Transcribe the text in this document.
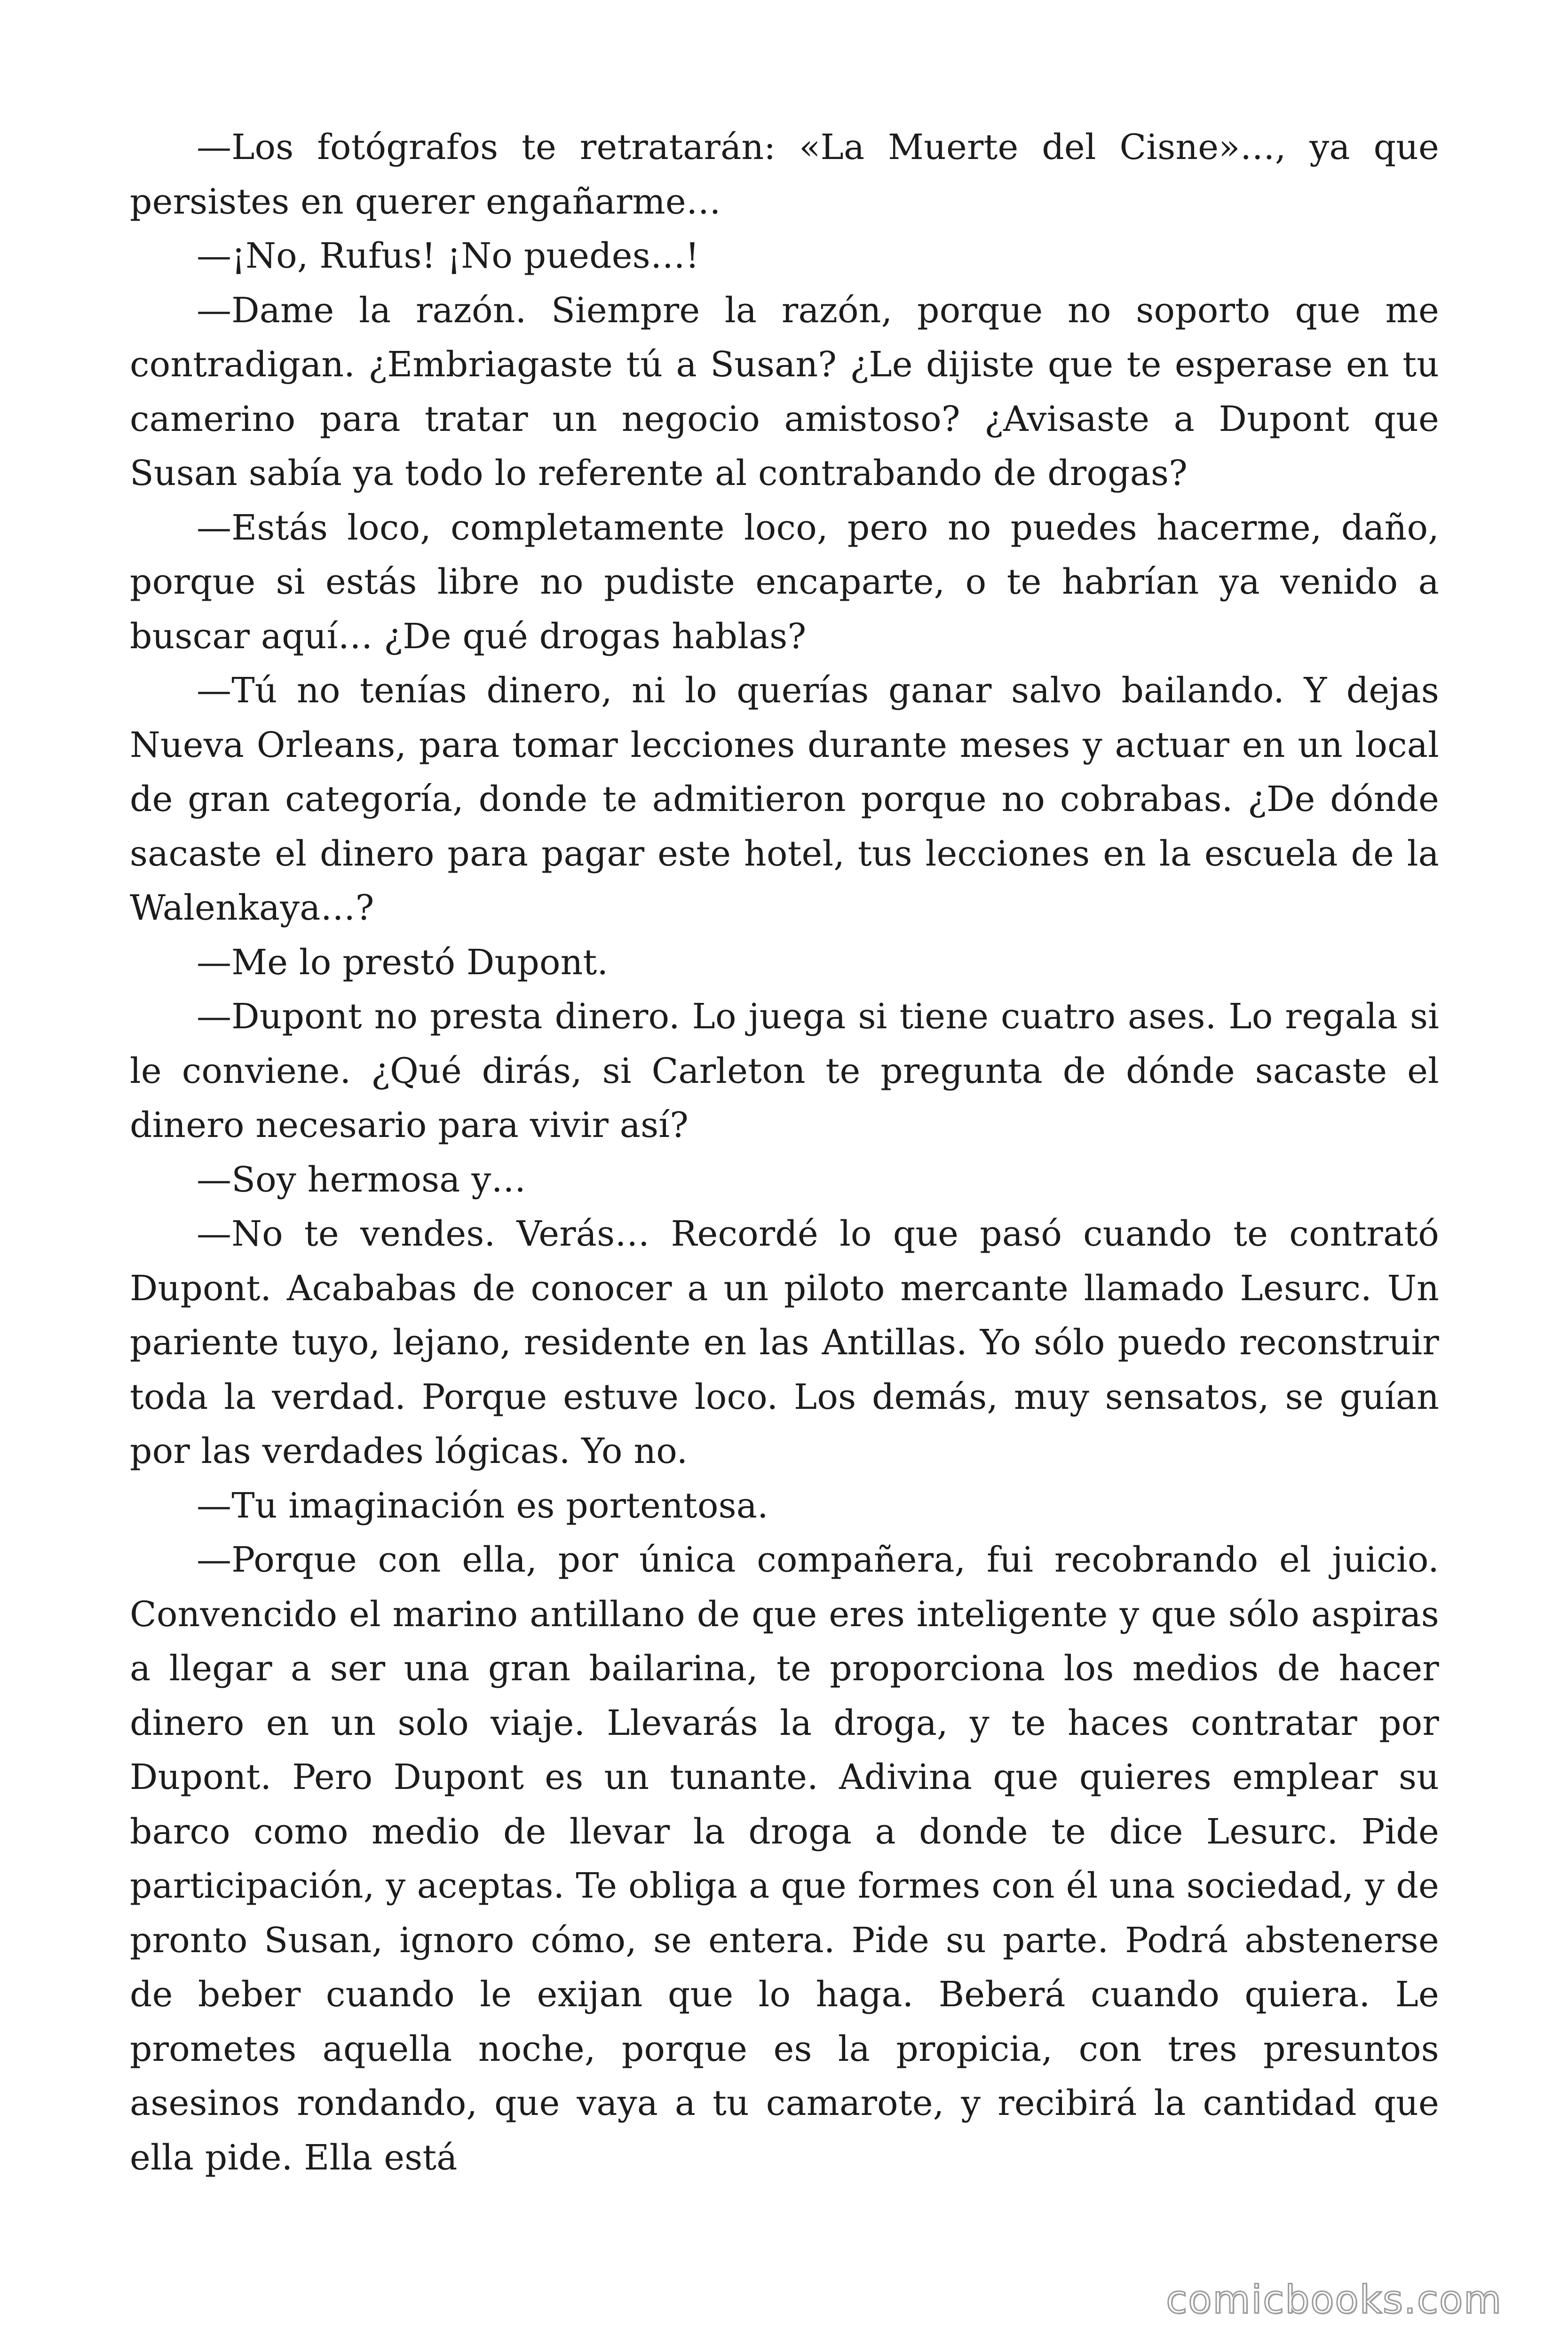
—Los fotógrafos te retratarán: «La Muerte del Cisne»…, ya que persistes en querer engañarme…

—¡No, Rufus! ¡No puedes…!

—Dame la razón. Siempre la razón, porque no soporto que me contradigan. ¿Embriagaste tú a Susan? ¿Le dijiste que te esperase en tu camerino para tratar un negocio amistoso? ¿Avisaste a Dupont que Susan sabía ya todo lo referente al contrabando de drogas?

—Estás loco, completamente loco, pero no puedes hacerme, daño, porque si estás libre no pudiste encaparte, o te habrían ya venido a buscar aquí… ¿De qué drogas hablas?

—Tú no tenías dinero, ni lo querías ganar salvo bailando. Y dejas Nueva Orleans, para tomar lecciones durante meses y actuar en un local de gran categoría, donde te admitieron porque no cobrabas. ¿De dónde sacaste el dinero para pagar este hotel, tus lecciones en la escuela de la Walenkaya…?

—Me lo prestó Dupont.

—Dupont no presta dinero. Lo juega si tiene cuatro ases. Lo regala si le conviene. ¿Qué dirás, si Carleton te pregunta de dónde sacaste el dinero necesario para vivir así?

—Soy hermosa y…

—No te vendes. Verás… Recordé lo que pasó cuando te contrató Dupont. Acababas de conocer a un piloto mercante llamado Lesurc. Un pariente tuyo, lejano, residente en las Antillas. Yo sólo puedo reconstruir toda la verdad. Porque estuve loco. Los demás, muy sensatos, se guían por las verdades lógicas. Yo no.

—Tu imaginación es portentosa.

—Porque con ella, por única compañera, fui recobrando el juicio. Convencido el marino antillano de que eres inteligente y que sólo aspiras a llegar a ser una gran bailarina, te proporciona los medios de hacer dinero en un solo viaje. Llevarás la droga, y te haces contratar por Dupont. Pero Dupont es un tunante. Adivina que quieres emplear su barco como medio de llevar la droga a donde te dice Lesurc. Pide participación, y aceptas. Te obliga a que formes con él una sociedad, y de pronto Susan, ignoro cómo, se entera. Pide su parte. Podrá abstenerse de beber cuando le exijan que lo haga. Beberá cuando quiera. Le prometes aquella noche, porque es la propicia, con tres presuntos asesinos rondando, que vaya a tu camarote, y recibirá la cantidad que ella pide. Ella está

comicbooks.com
